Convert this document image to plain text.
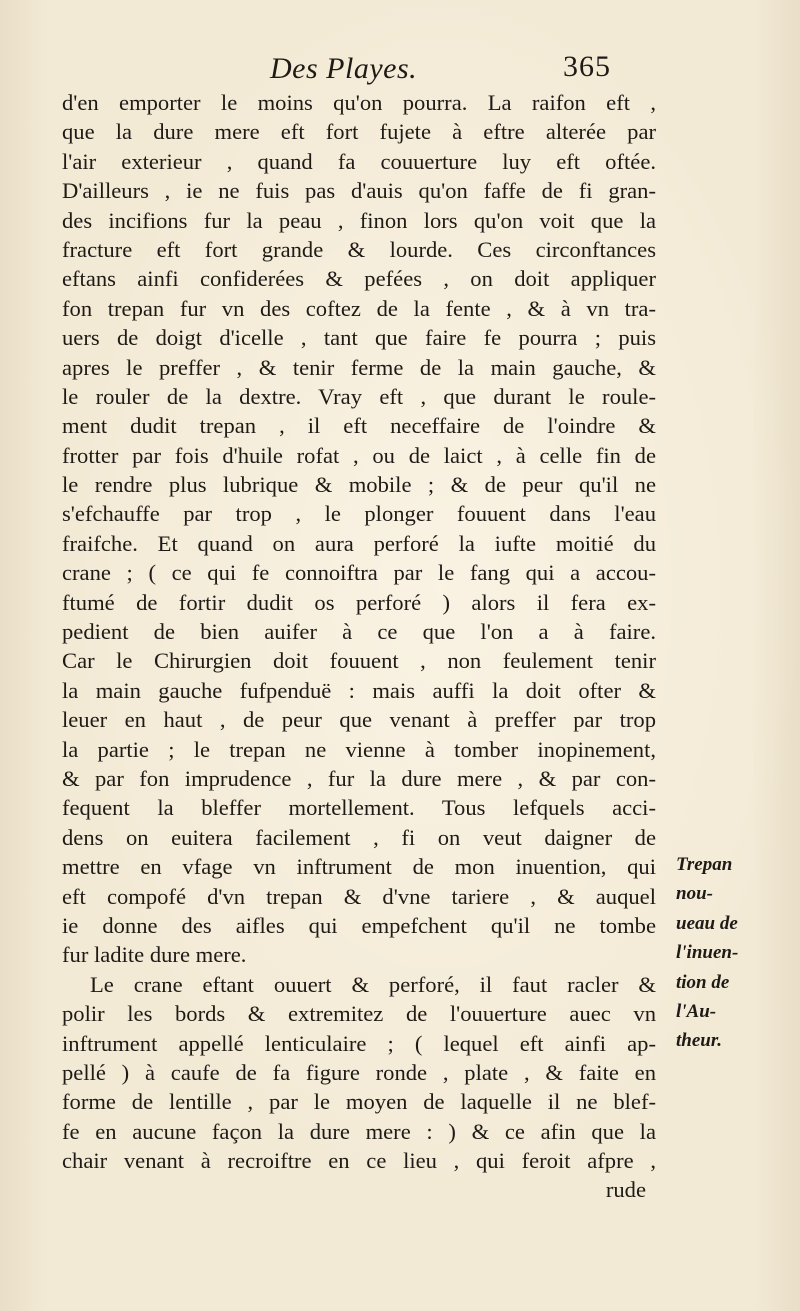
Des Playes.	365
d'en emporter le moins qu'on pourra. La raifon eft ,
que la dure mere eft fort fujete à eftre alterée par
l'air exterieur , quand fa couuerture luy eft oftée.
D'ailleurs , ie ne fuis pas d'auis qu'on faffe de fi gran-
des incifions fur la peau , finon lors qu'on voit que la
fracture eft fort grande & lourde. Ces circonftances
eftans ainfi confiderées & pefées , on doit appliquer
fon trepan fur vn des coftez de la fente , & à vn tra-
uers de doigt d'icelle , tant que faire fe pourra ; puis
apres le preffer , & tenir ferme de la main gauche, &
le rouler de la dextre. Vray eft , que durant le roule-
ment dudit trepan , il eft neceffaire de l'oindre &
frotter par fois d'huile rofat , ou de laict , à celle fin de
le rendre plus lubrique & mobile ; & de peur qu'il ne
s'efchauffe par trop , le plonger fouuent dans l'eau
fraifche. Et quand on aura perforé la iufte moitié du
crane ; ( ce qui fe connoiftra par le fang qui a accou-
ftumé de fortir dudit os perforé ) alors il fera ex-
pedient de bien auifer à ce que l'on a à faire.
Car le Chirurgien doit fouuent , non feulement tenir
la main gauche fufpenduë : mais auffi la doit ofter &
leuer en haut , de peur que venant à preffer par trop
la partie ; le trepan ne vienne à tomber inopinement,
& par fon imprudence , fur la dure mere , & par con-
fequent la bleffer mortellement. Tous lefquels acci-
dens on euitera facilement , fi on veut daigner de
mettre en vfage vn inftrument de mon inuention, qui
eft compofé d'vn trepan & d'vne tariere , & auquel
ie donne des aifles qui empefchent qu'il ne tombe
fur ladite dure mere.
Le crane eftant ouuert & perforé, il faut racler &
polir les bords & extremitez de l'ouuerture auec vn
inftrument appellé lenticulaire ; ( lequel eft ainfi ap-
pellé ) à caufe de fa figure ronde , plate , & faite en
forme de lentille , par le moyen de laquelle il ne blef-
fe en aucune façon la dure mere : ) & ce afin que la
chair venant à recroiftre en ce lieu , qui feroit afpre ,
rude
Trepan
nou-
ueau de
l'inuen-
tion de
l'Au-
theur.
